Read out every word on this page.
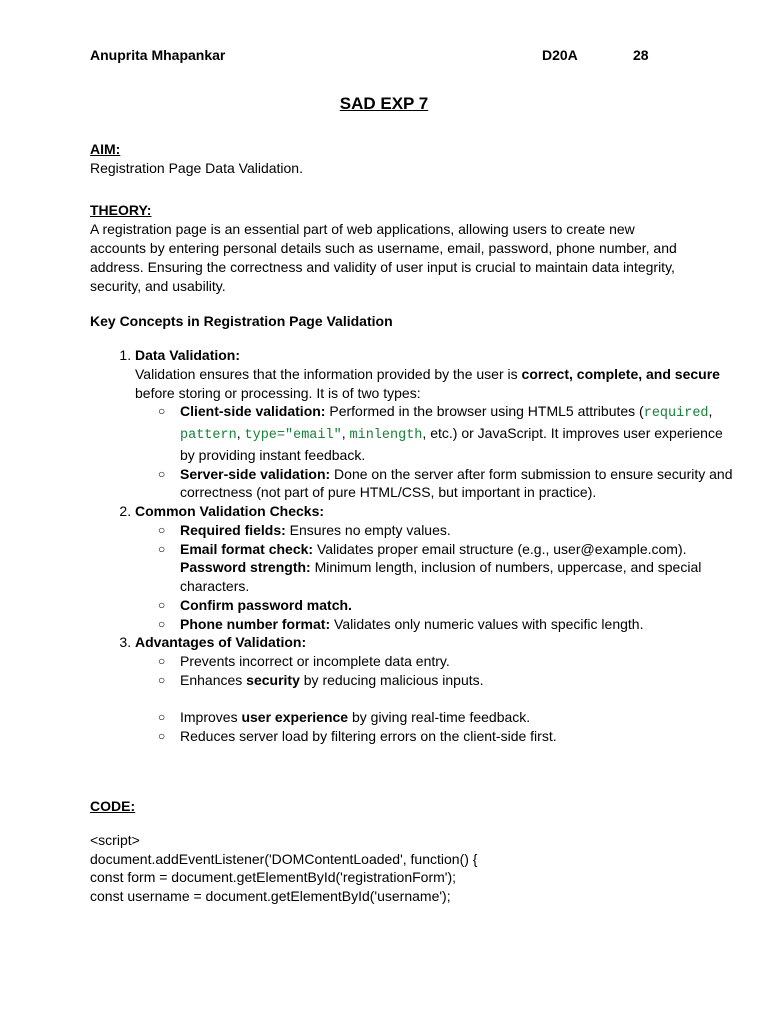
Anuprita Mhapankar	D20A	28
SAD EXP 7
AIM:
Registration Page Data Validation.
THEORY:
A registration page is an essential part of web applications, allowing users to create new accounts by entering personal details such as username, email, password, phone number, and address. Ensuring the correctness and validity of user input is crucial to maintain data integrity, security, and usability.
Key Concepts in Registration Page Validation
1. Data Validation:
Validation ensures that the information provided by the user is correct, complete, and secure before storing or processing. It is of two types:
○ Client-side validation: Performed in the browser using HTML5 attributes (required, pattern, type="email", minlength, etc.) or JavaScript. It improves user experience by providing instant feedback.
○ Server-side validation: Done on the server after form submission to ensure security and correctness (not part of pure HTML/CSS, but important in practice).
2. Common Validation Checks:
○ Required fields: Ensures no empty values.
○ Email format check: Validates proper email structure (e.g., user@example.com).
Password strength: Minimum length, inclusion of numbers, uppercase, and special characters.
○ Confirm password match.
○ Phone number format: Validates only numeric values with specific length.
3. Advantages of Validation:
○ Prevents incorrect or incomplete data entry.
○ Enhances security by reducing malicious inputs.
○ Improves user experience by giving real-time feedback.
○ Reduces server load by filtering errors on the client-side first.
CODE:
<script>
document.addEventListener('DOMContentLoaded', function() {
const form = document.getElementById('registrationForm');
const username = document.getElementById('username');
